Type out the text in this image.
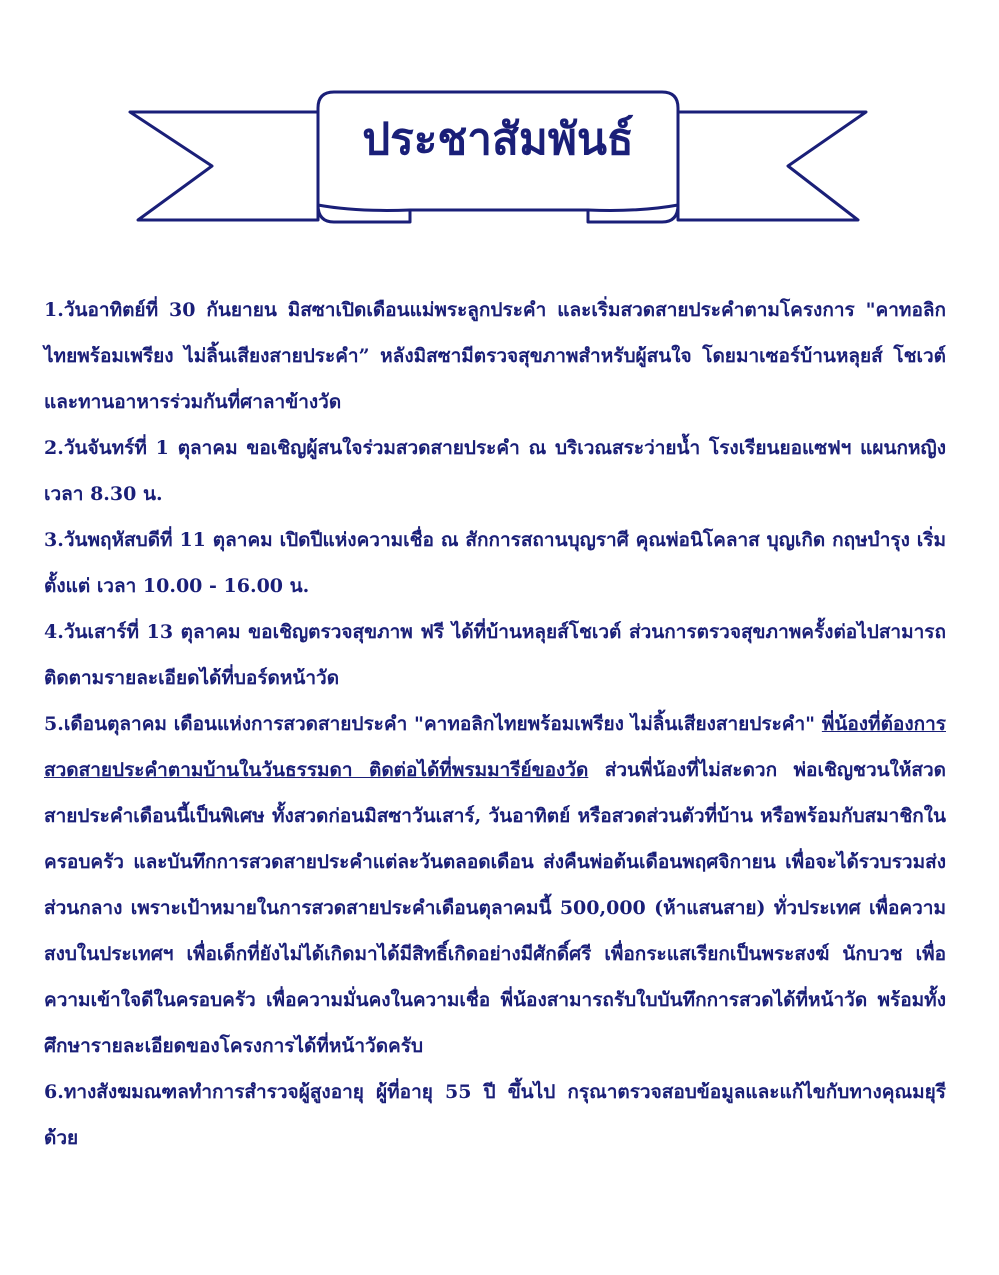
ประชาสัมพันธ์

1.วันอาทิตย์ที่ 30 กันยายน มิสซาเปิดเดือนแม่พระลูกประคำ และเริ่มสวดสายประคำตามโครงการ "คาทอลิกไทยพร้อมเพรียง ไม่ลิ้นเสียงสายประคำ” หลังมิสซามีตรวจสุขภาพสำหรับผู้สนใจ โดยมาเซอร์บ้านหลุยส์ โชเวต์ และทานอาหารร่วมกันที่ศาลาข้างวัด

2.วันจันทร์ที่ 1 ตุลาคม ขอเชิญผู้สนใจร่วมสวดสายประคำ ณ บริเวณสระว่ายน้ำ โรงเรียนยอแซฟฯ แผนกหญิง เวลา 8.30 น.

3.วันพฤหัสบดีที่ 11 ตุลาคม เปิดปีแห่งความเชื่อ ณ สักการสถานบุญราศี คุณพ่อนิโคลาส บุญเกิด กฤษบำรุง เริ่มตั้งแต่ เวลา 10.00 - 16.00 น.

4.วันเสาร์ที่ 13 ตุลาคม ขอเชิญตรวจสุขภาพ ฟรี ได้ที่บ้านหลุยส์โชเวต์ ส่วนการตรวจสุขภาพครั้งต่อไปสามารถติดตามรายละเอียดได้ที่บอร์ดหน้าวัด

5.เดือนตุลาคม เดือนแห่งการสวดสายประคำ "คาทอลิกไทยพร้อมเพรียง ไม่ลิ้นเสียงสายประคำ" พี่น้องที่ต้องการสวดสายประคำตามบ้านในวันธรรมดา ติดต่อได้ที่พรมมารีย์ของวัด ส่วนพี่น้องที่ไม่สะดวก พ่อเชิญชวนให้สวดสายประคำเดือนนี้เป็นพิเศษ ทั้งสวดก่อนมิสซาวันเสาร์, วันอาทิตย์ หรือสวดส่วนตัวที่บ้าน หรือพร้อมกับสมาชิกในครอบครัว และบันทึกการสวดสายประคำแต่ละวันตลอดเดือน ส่งคืนพ่อต้นเดือนพฤศจิกายน เพื่อจะได้รวบรวมส่งส่วนกลาง เพราะเป้าหมายในการสวดสายประคำเดือนตุลาคมนี้ 500,000 (ห้าแสนสาย) ทั่วประเทศ เพื่อความสงบในประเทศฯ เพื่อเด็กที่ยังไม่ได้เกิดมาได้มีสิทธิ์เกิดอย่างมีศักดิ์ศรี เพื่อกระแสเรียกเป็นพระสงฆ์ นักบวช เพื่อความเข้าใจดีในครอบครัว เพื่อความมั่นคงในความเชื่อ พี่น้องสามารถรับใบบันทึกการสวดได้ที่หน้าวัด พร้อมทั้งศึกษารายละเอียดของโครงการได้ที่หน้าวัดครับ

6.ทางสังฆมณฑลทำการสำรวจผู้สูงอายุ ผู้ที่อายุ 55 ปี ขึ้นไป กรุณาตรวจสอบข้อมูลและแก้ไขกับทางคุณมยุรีด้วย
